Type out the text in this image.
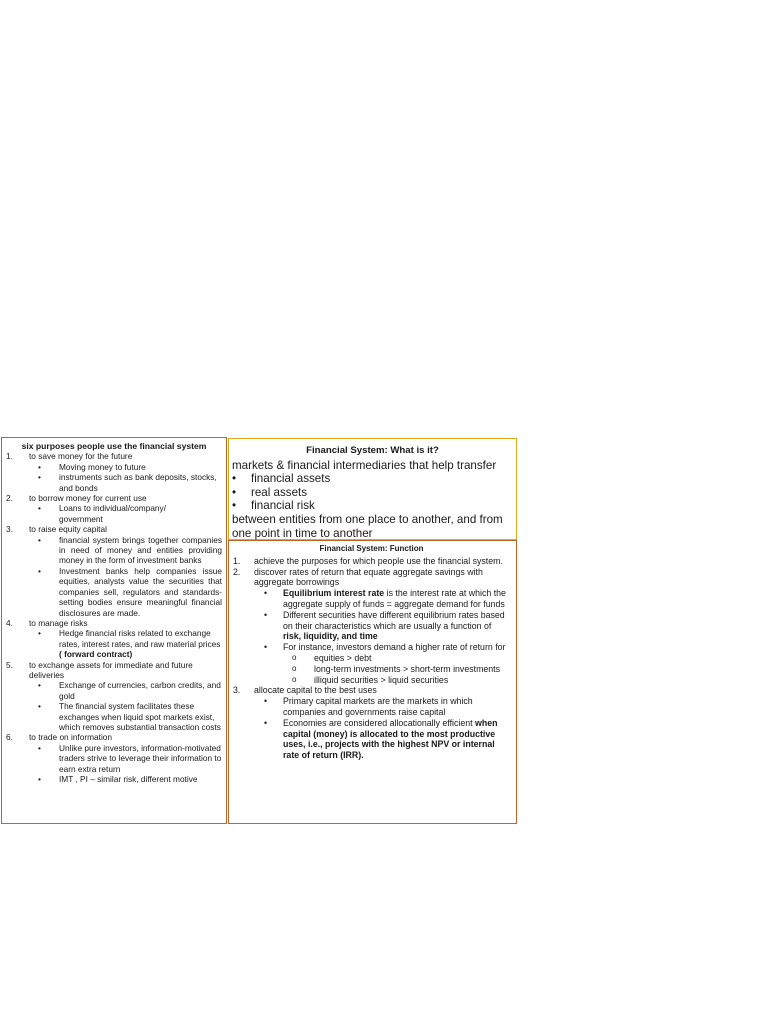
six purposes people use the financial system
1.	to save money for the future
•	Moving money to future
•	instruments such as bank deposits, stocks, and bonds
2.	to borrow money for current use
•	Loans to individual/company/ government
3.	to raise equity capital
•	financial system brings together companies in need of money and entities providing money in the form of investment banks
•	Investment banks help companies issue equities, analysts value the securities that companies sell, regulators and standards-setting bodies ensure meaningful financial disclosures are made.
4.	to manage risks
•	Hedge financial risks related to exchange rates, interest rates, and raw material prices ( forward contract)
5.	to exchange assets for immediate and future deliveries
•	Exchange of currencies, carbon credits, and gold
•	The financial system facilitates these exchanges when liquid spot markets exist, which removes substantial transaction costs
6.	to trade on information
•	Unlike pure investors, information-motivated traders strive to leverage their information to earn extra return
•	IMT , PI – similar risk, different motive
Financial System: What is it?
markets & financial intermediaries that help transfer
•	financial assets
•	real assets
•	financial risk
between entities from one place to another, and from one point in time to another
Financial System: Function
1.	achieve the purposes for which people use the financial system.
2.	discover rates of return that equate aggregate savings with aggregate borrowings
•	Equilibrium interest rate is the interest rate at which the aggregate supply of funds = aggregate demand for funds
•	Different securities have different equilibrium rates based on their characteristics which are usually a function of risk, liquidity, and time
•	For instance, investors demand a higher rate of return for
o	equities > debt
o	long-term investments > short-term investments
o	illiquid securities > liquid securities
3.	allocate capital to the best uses
•	Primary capital markets are the markets in which companies and governments raise capital
•	Economies are considered allocationally efficient when capital (money) is allocated to the most productive uses, i.e., projects with the highest NPV or internal rate of return (IRR).
